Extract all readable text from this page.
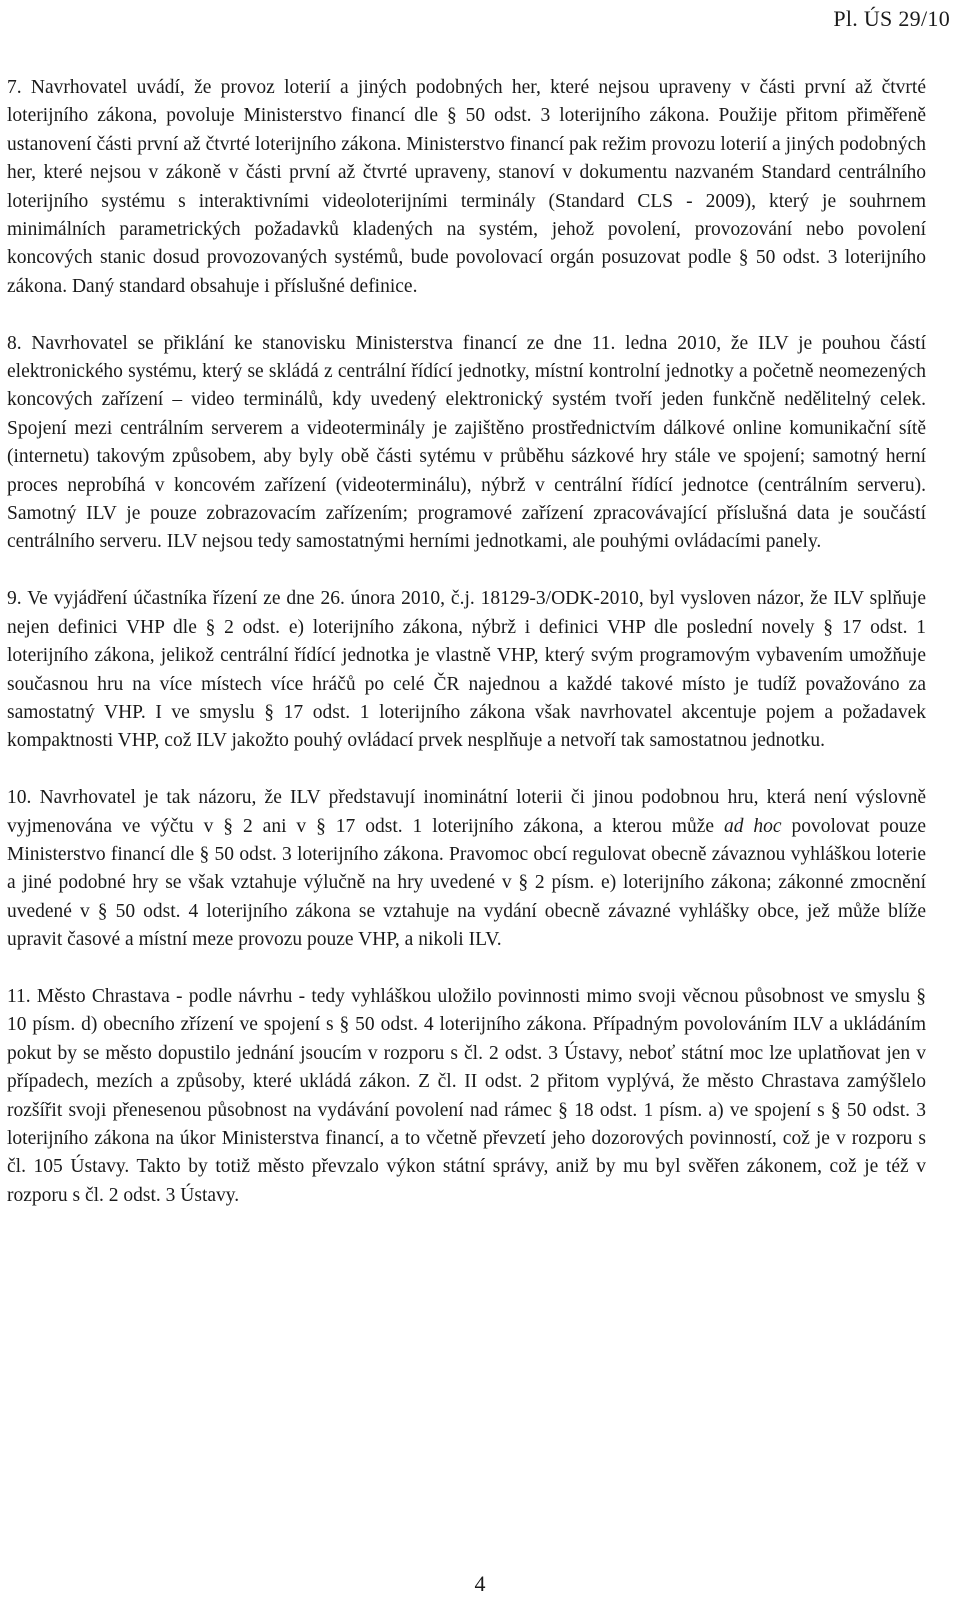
Pl. ÚS 29/10

7. Navrhovatel uvádí, že provoz loterií a jiných podobných her, které nejsou upraveny v části první až čtvrté loterijního zákona, povoluje Ministerstvo financí dle § 50 odst. 3 loterijního zákona. Použije přitom přiměřeně ustanovení části první až čtvrté loterijního zákona. Ministerstvo financí pak režim provozu loterií a jiných podobných her, které nejsou v zákoně v části první až čtvrté upraveny, stanoví v dokumentu nazvaném Standard centrálního loterijního systému s interaktivními videoloterijními terminály (Standard CLS - 2009), který je souhrnem minimálních parametrických požadavků kladených na systém, jehož povolení, provozování nebo povolení koncových stanic dosud provozovaných systémů, bude povolovací orgán posuzovat podle § 50 odst. 3 loterijního zákona. Daný standard obsahuje i příslušné definice.

8. Navrhovatel se přiklání ke stanovisku Ministerstva financí ze dne 11. ledna 2010, že ILV je pouhou částí elektronického systému, který se skládá z centrální řídící jednotky, místní kontrolní jednotky a početně neomezených koncových zařízení – video terminálů, kdy uvedený elektronický systém tvoří jeden funkčně nedělitelný celek. Spojení mezi centrálním serverem a videoterminály je zajištěno prostřednictvím dálkové online komunikační sítě (internetu) takovým způsobem, aby byly obě části sytému v průběhu sázkové hry stále ve spojení; samotný herní proces neprobíhá v koncovém zařízení (videoterminálu), nýbrž v centrální řídící jednotce (centrálním serveru). Samotný ILV je pouze zobrazovacím zařízením; programové zařízení zpracovávající příslušná data je součástí centrálního serveru. ILV nejsou tedy samostatnými herními jednotkami, ale pouhými ovládacími panely.

9. Ve vyjádření účastníka řízení ze dne 26. února 2010, č.j. 18129-3/ODK-2010, byl vysloven názor, že ILV splňuje nejen definici VHP dle § 2 odst. e) loterijního zákona, nýbrž i definici VHP dle poslední novely § 17 odst. 1 loterijního zákona, jelikož centrální řídící jednotka je vlastně VHP, který svým programovým vybavením umožňuje současnou hru na více místech více hráčů po celé ČR najednou a každé takové místo je tudíž považováno za samostatný VHP. I ve smyslu § 17 odst. 1 loterijního zákona však navrhovatel akcentuje pojem a požadavek kompaktnosti VHP, což ILV jakožto pouhý ovládací prvek nesplňuje a netvoří tak samostatnou jednotku.

10. Navrhovatel je tak názoru, že ILV představují inominátní loterii či jinou podobnou hru, která není výslovně vyjmenována ve výčtu v § 2 ani v § 17 odst. 1 loterijního zákona, a kterou může ad hoc povolovat pouze Ministerstvo financí dle § 50 odst. 3 loterijního zákona. Pravomoc obcí regulovat obecně závaznou vyhláškou loterie a jiné podobné hry se však vztahuje výlučně na hry uvedené v § 2 písm. e) loterijního zákona; zákonné zmocnění uvedené v § 50 odst. 4 loterijního zákona se vztahuje na vydání obecně závazné vyhlášky obce, jež může blíže upravit časové a místní meze provozu pouze VHP, a nikoli ILV.

11. Město Chrastava - podle návrhu - tedy vyhláškou uložilo povinnosti mimo svoji věcnou působnost ve smyslu § 10 písm. d) obecního zřízení ve spojení s § 50 odst. 4 loterijního zákona. Případným povolováním ILV a ukládáním pokut by se město dopustilo jednání jsoucím v rozporu s čl. 2 odst. 3 Ústavy, neboť státní moc lze uplatňovat jen v případech, mezích a způsoby, které ukládá zákon. Z čl. II odst. 2 přitom vyplývá, že město Chrastava zamýšlelo rozšířit svoji přenesenou působnost na vydávání povolení nad rámec § 18 odst. 1 písm. a) ve spojení s § 50 odst. 3 loterijního zákona na úkor Ministerstva financí, a to včetně převzetí jeho dozorových povinností, což je v rozporu s čl. 105 Ústavy. Takto by totiž město převzalo výkon státní správy, aniž by mu byl svěřen zákonem, což je též v rozporu s čl. 2 odst. 3 Ústavy.

4
